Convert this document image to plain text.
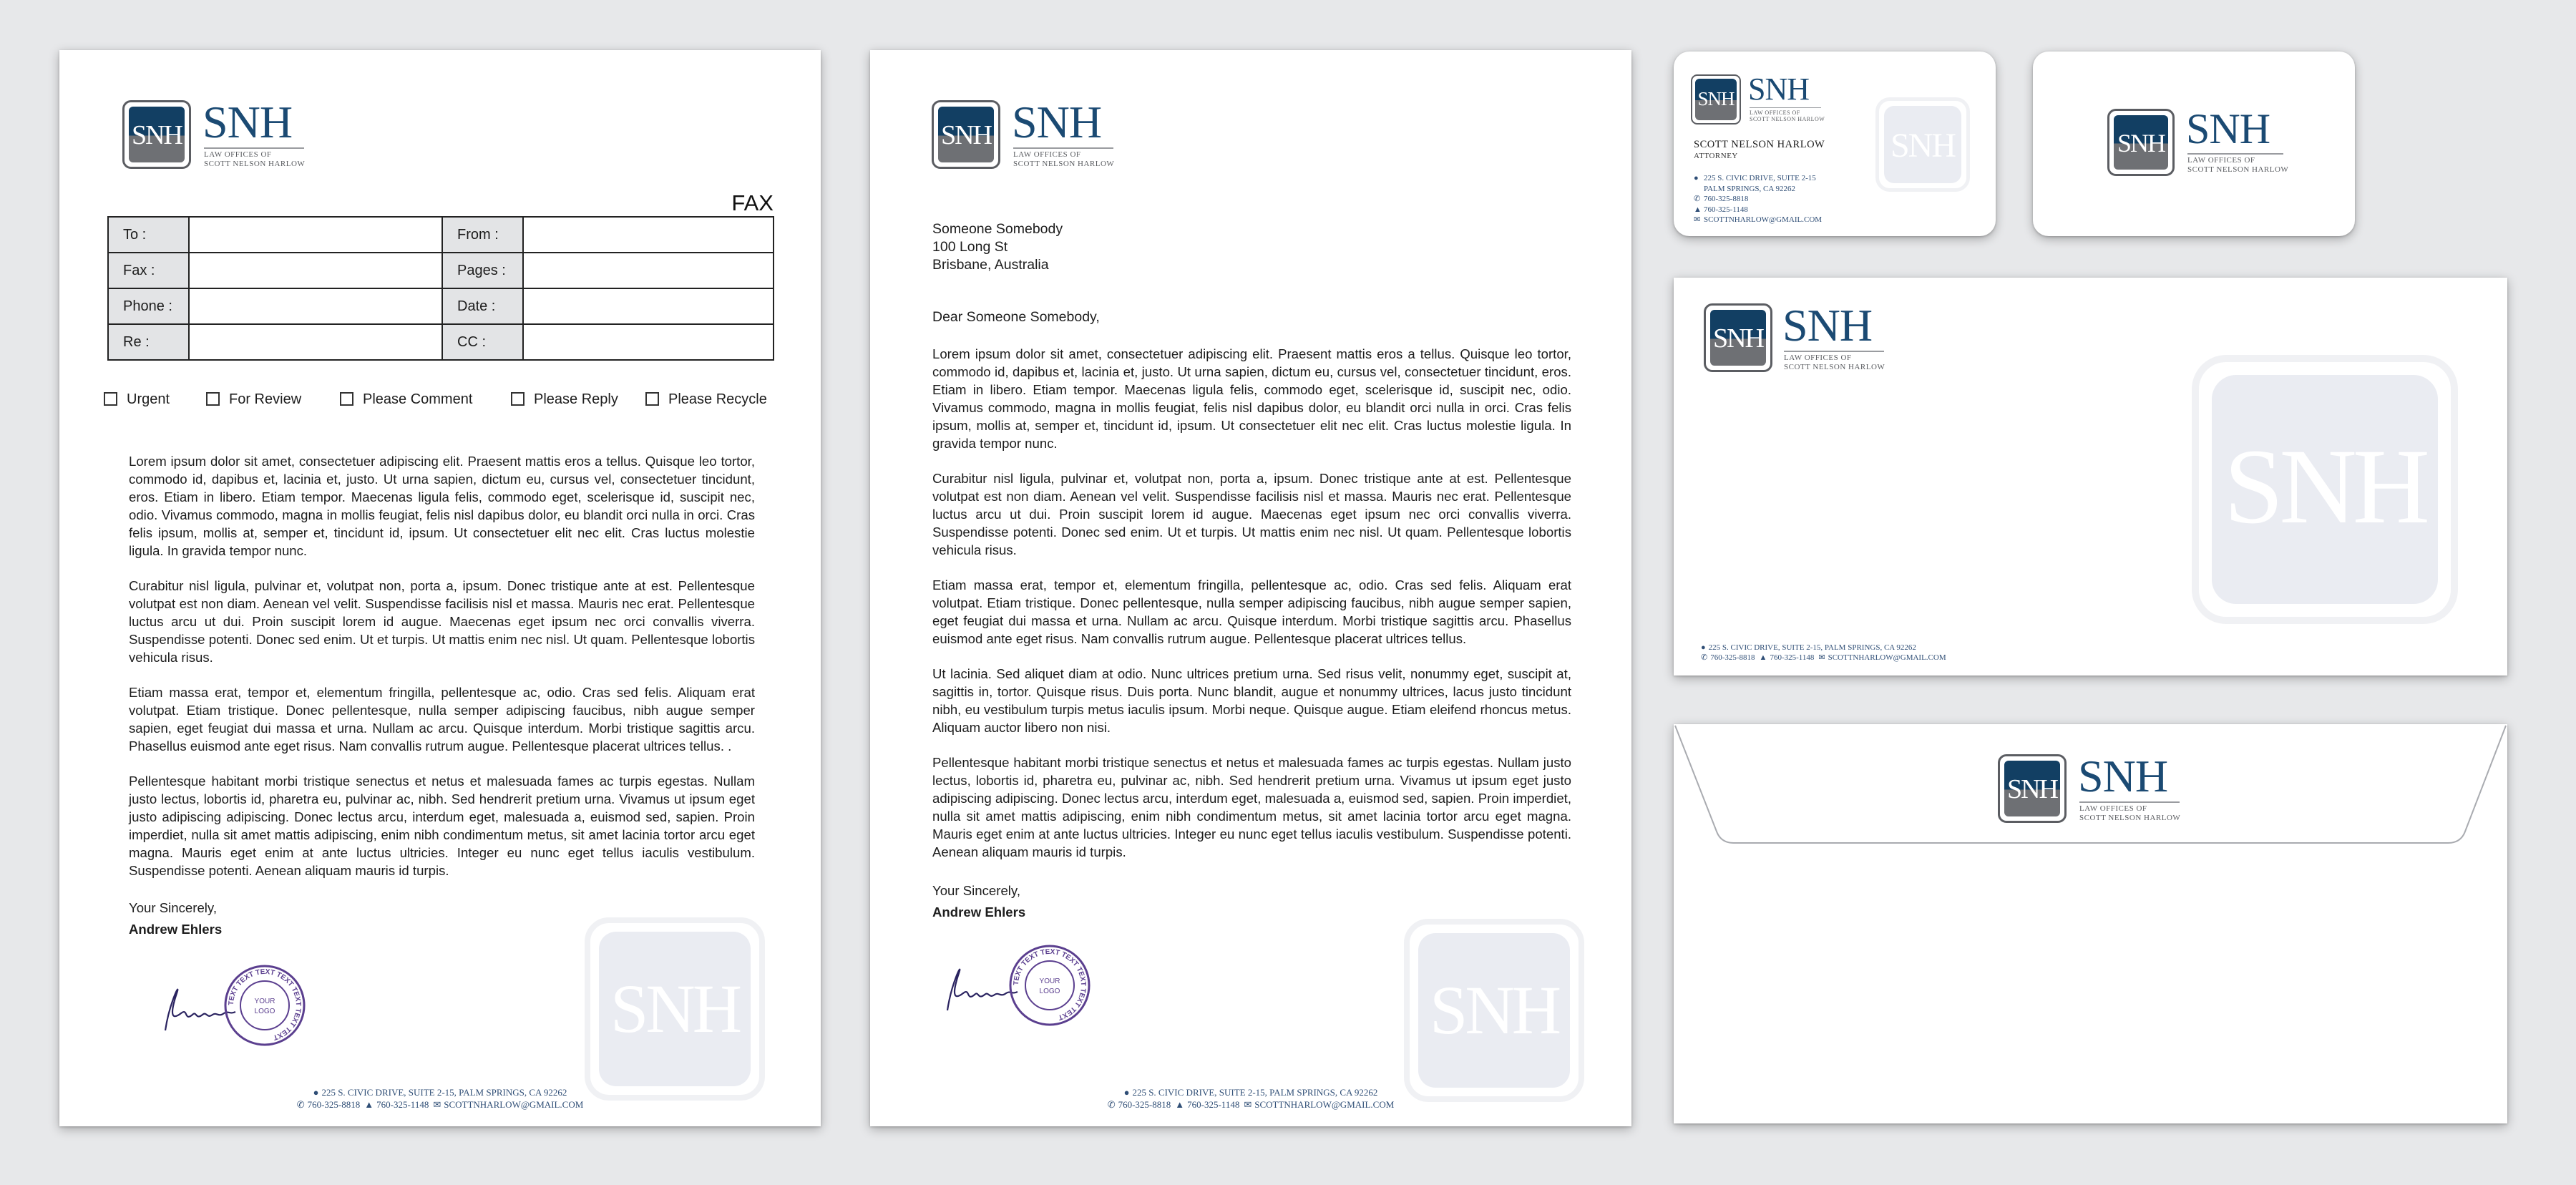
SNH SNH
LAW OFFICES OF
SCOTT NELSON HARLOW
FAX
To :		From :	
Fax :		Pages :	
Phone :		Date :	
Re :		CC :	
Urgent	For Review	Please Comment	Please Reply	Please Recycle
SNH

Lorem ipsum dolor sit amet, consectetuer adipiscing elit. Praesent mattis eros a tellus. Quisque leo tortor, commodo id, dapibus et, lacinia et, justo. Ut urna sapien, dictum eu, cursus vel, consectetuer tincidunt, eros. Etiam in libero. Etiam tempor. Maecenas ligula felis, commodo eget, scelerisque id, suscipit nec, odio. Vivamus commodo, magna in mollis feugiat, felis nisl dapibus dolor, eu blandit orci nulla in orci. Cras felis ipsum, mollis at, semper et, tincidunt id, ipsum. Ut consectetuer elit nec elit. Cras luctus molestie ligula. In gravida tempor nunc.

Curabitur nisl ligula, pulvinar et, volutpat non, porta a, ipsum. Donec tristique ante at est. Pellentesque volutpat est non diam. Aenean vel velit. Suspendisse facilisis nisl et massa. Mauris nec erat. Pellentesque luctus arcu ut dui. Proin suscipit lorem id augue. Maecenas eget ipsum nec orci convallis viverra. Suspendisse potenti. Donec sed enim. Ut et turpis. Ut mattis enim nec nisl. Ut quam. Pellentesque lobortis vehicula risus.

Etiam massa erat, tempor et, elementum fringilla, pellentesque ac, odio. Cras sed felis. Aliquam erat volutpat. Etiam tristique. Donec pellentesque, nulla semper adipiscing faucibus, nibh augue semper sapien, eget feugiat dui massa et urna. Nullam ac arcu. Quisque interdum. Morbi tristique sagittis arcu. Phasellus euismod ante eget risus. Nam convallis rutrum augue. Pellentesque placerat ultrices tellus. .

Pellentesque habitant morbi tristique senectus et netus et malesuada fames ac turpis egestas. Nullam justo lectus, lobortis id, pharetra eu, pulvinar ac, nibh. Sed hendrerit pretium urna. Vivamus ut ipsum eget justo adipiscing adipiscing. Donec lectus arcu, interdum eget, malesuada a, euismod sed, sapien. Proin imperdiet, nulla sit amet mattis adipiscing, enim nibh condimentum metus, sit amet lacinia tortor arcu eget magna. Mauris eget enim at ante luctus ultricies. Integer eu nunc eget tellus iaculis vestibulum. Suspendisse potenti. Aenean aliquam mauris id turpis.

Your Sincerely,
Andrew Ehlers
TEXT TEXT TEXT TEXT TEXT TEXT TEXT
YOUR
LOGO
● 225 S. CIVIC DRIVE, SUITE 2-15, PALM SPRINGS, CA 92262
✆ 760-325-8818 ▲ 760-325-1148 ✉ SCOTTNHARLOW@GMAIL.COM
SNH SNH
LAW OFFICES OF
SCOTT NELSON HARLOW
Someone Somebody
100 Long St
Brisbane, Australia
Dear Someone Somebody,
SNH

Lorem ipsum dolor sit amet, consectetuer adipiscing elit. Praesent mattis eros a tellus. Quisque leo tortor, commodo id, dapibus et, lacinia et, justo. Ut urna sapien, dictum eu, cursus vel, consectetuer tincidunt, eros. Etiam in libero. Etiam tempor. Maecenas ligula felis, commodo eget, scelerisque id, suscipit nec, odio. Vivamus commodo, magna in mollis feugiat, felis nisl dapibus dolor, eu blandit orci nulla in orci. Cras felis ipsum, mollis at, semper et, tincidunt id, ipsum. Ut consectetuer elit nec elit. Cras luctus molestie ligula. In gravida tempor nunc.

Curabitur nisl ligula, pulvinar et, volutpat non, porta a, ipsum. Donec tristique ante at est. Pellentesque volutpat est non diam. Aenean vel velit. Suspendisse facilisis nisl et massa. Mauris nec erat. Pellentesque luctus arcu ut dui. Proin suscipit lorem id augue. Maecenas eget ipsum nec orci convallis viverra. Suspendisse potenti. Donec sed enim. Ut et turpis. Ut mattis enim nec nisl. Ut quam. Pellentesque lobortis vehicula risus.

Etiam massa erat, tempor et, elementum fringilla, pellentesque ac, odio. Cras sed felis. Aliquam erat volutpat. Etiam tristique. Donec pellentesque, nulla semper adipiscing faucibus, nibh augue semper sapien, eget feugiat dui massa et urna. Nullam ac arcu. Quisque interdum. Morbi tristique sagittis arcu. Phasellus euismod ante eget risus. Nam convallis rutrum augue. Pellentesque placerat ultrices tellus.

Ut lacinia. Sed aliquet diam at odio. Nunc ultrices pretium urna. Sed risus velit, nonummy eget, suscipit at, sagittis in, tortor. Quisque risus. Duis porta. Nunc blandit, augue et nonummy ultrices, lacus justo tincidunt nibh, eu vestibulum turpis metus iaculis ipsum. Morbi neque. Quisque augue. Etiam eleifend rhoncus metus. Aliquam auctor libero non nisi.

Pellentesque habitant morbi tristique senectus et netus et malesuada fames ac turpis egestas. Nullam justo lectus, lobortis id, pharetra eu, pulvinar ac, nibh. Sed hendrerit pretium urna. Vivamus ut ipsum eget justo adipiscing adipiscing. Donec lectus arcu, interdum eget, malesuada a, euismod sed, sapien. Proin imperdiet, nulla sit amet mattis adipiscing, enim nibh condimentum metus, sit amet lacinia tortor arcu eget magna. Mauris eget enim at ante luctus ultricies. Integer eu nunc eget tellus iaculis vestibulum. Suspendisse potenti. Aenean aliquam mauris id turpis.

Your Sincerely,
Andrew Ehlers
TEXT TEXT TEXT TEXT TEXT TEXT TEXT
YOUR
LOGO
● 225 S. CIVIC DRIVE, SUITE 2-15, PALM SPRINGS, CA 92262
✆ 760-325-8818 ▲ 760-325-1148 ✉ SCOTTNHARLOW@GMAIL.COM
SNH SNH
LAW OFFICES OF
SCOTT NELSON HARLOW
SNH
SCOTT NELSON HARLOW
ATTORNEY
● 225 S. CIVIC DRIVE, SUITE 2-15
PALM SPRINGS, CA 92262
✆ 760-325-8818
▲ 760-325-1148
✉ SCOTTNHARLOW@GMAIL.COM
SNH SNH
LAW OFFICES OF
SCOTT NELSON HARLOW
SNH SNH
LAW OFFICES OF
SCOTT NELSON HARLOW
SNH
● 225 S. CIVIC DRIVE, SUITE 2-15, PALM SPRINGS, CA 92262
✆ 760-325-8818 ▲ 760-325-1148 ✉ SCOTTNHARLOW@GMAIL.COM
SNH SNH
LAW OFFICES OF
SCOTT NELSON HARLOW
